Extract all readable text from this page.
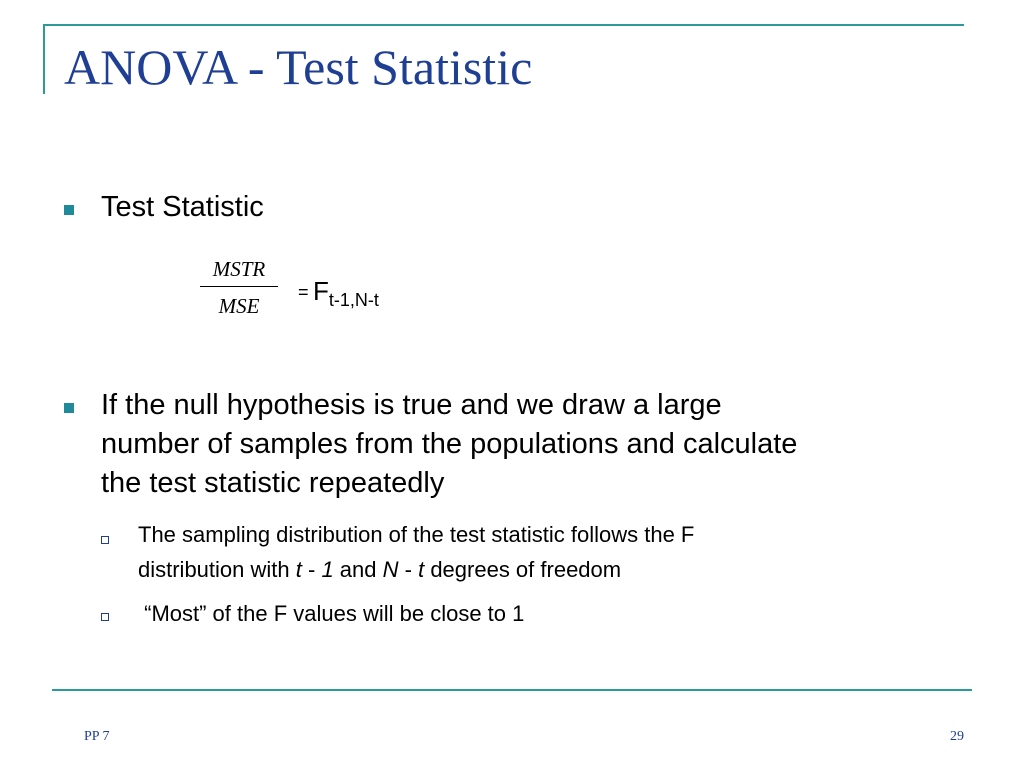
ANOVA - Test Statistic
Test Statistic
MSTR
MSE
= Ft-1,N-t
If the null hypothesis is true and we draw a large
number of samples from the populations and calculate
the test statistic repeatedly
The sampling distribution of the test statistic follows the F
distribution with t - 1 and N - t degrees of freedom
“Most” of the F values will be close to 1
PP 7	29
